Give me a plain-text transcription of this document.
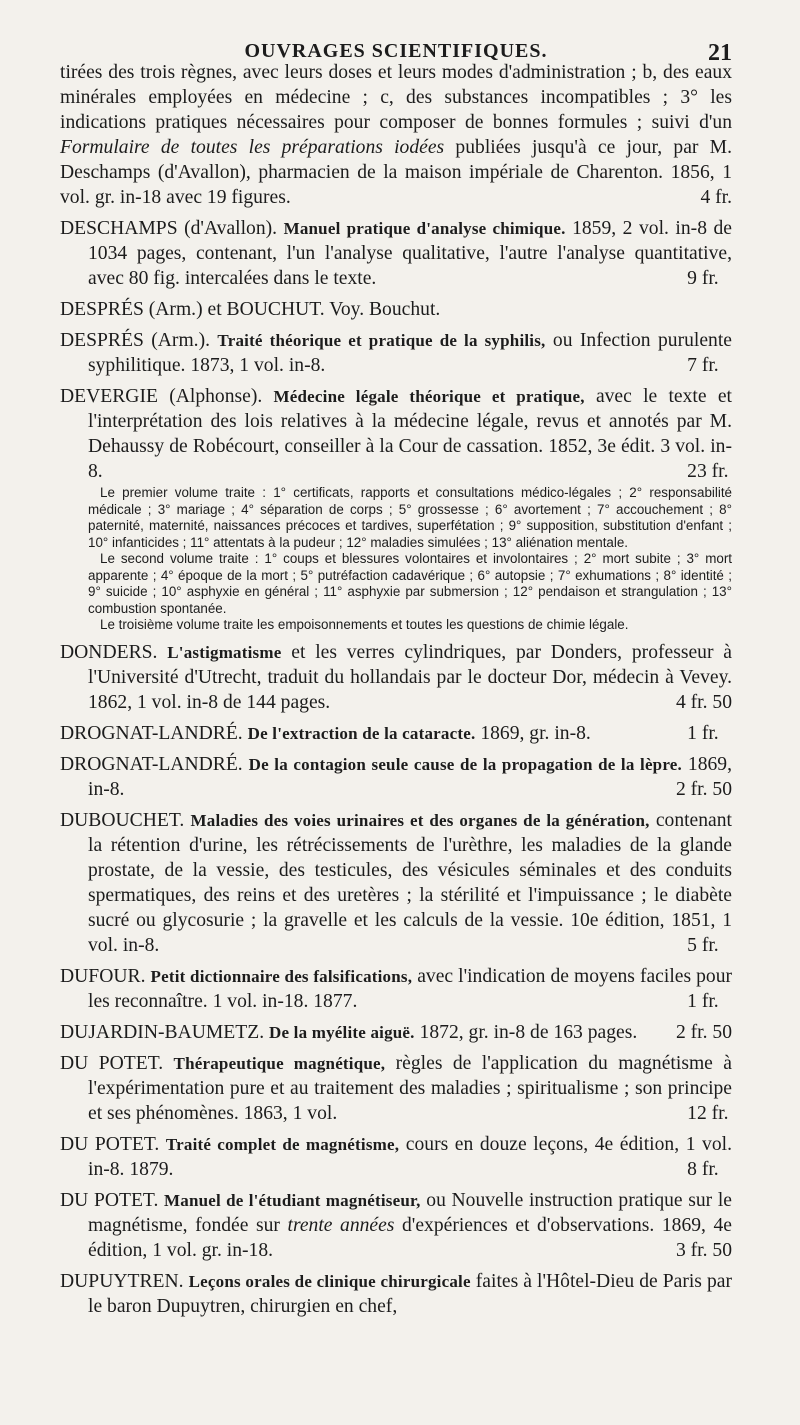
OUVRAGES SCIENTIFIQUES.	21

tirées des trois règnes, avec leurs doses et leurs modes d'administration ; b, des eaux minérales employées en médecine ; c, des substances incompatibles ; 3° les indications pratiques nécessaires pour composer de bonnes formules ; suivi d'un Formulaire de toutes les préparations iodées publiées jusqu'à ce jour, par M. Deschamps (d'Avallon), pharmacien de la maison impériale de Charenton. 1856, 1 vol. gr. in-18 avec 19 figures.	4 fr.

DESCHAMPS (d'Avallon). Manuel pratique d'analyse chimique. 1859, 2 vol. in-8 de 1034 pages, contenant, l'un l'analyse qualitative, l'autre l'analyse quantitative, avec 80 fig. intercalées dans le texte.	9 fr.

DESPRÉS (Arm.) et BOUCHUT. Voy. Bouchut.

DESPRÉS (Arm.). Traité théorique et pratique de la syphilis, ou Infection purulente syphilitique. 1873, 1 vol. in-8.	7 fr.

DEVERGIE (Alphonse). Médecine légale théorique et pratique, avec le texte et l'interprétation des lois relatives à la médecine légale, revus et annotés par M. Dehaussy de Robécourt, conseiller à la Cour de cassation. 1852, 3e édit. 3 vol. in-8.	23 fr.

Le premier volume traite : 1° certificats, rapports et consultations médico-légales ; 2° responsabilité médicale ; 3° mariage ; 4° séparation de corps ; 5° grossesse ; 6° avortement ; 7° accouchement ; 8° paternité, maternité, naissances précoces et tardives, superfétation ; 9° supposition, substitution d'enfant ; 10° infanticides ; 11° attentats à la pudeur ; 12° maladies simulées ; 13° aliénation mentale.

Le second volume traite : 1° coups et blessures volontaires et involontaires ; 2° mort subite ; 3° mort apparente ; 4° époque de la mort ; 5° putréfaction cadavérique ; 6° autopsie ; 7° exhumations ; 8° identité ; 9° suicide ; 10° asphyxie en général ; 11° asphyxie par submersion ; 12° pendaison et strangulation ; 13° combustion spontanée.

Le troisième volume traite les empoisonnements et toutes les questions de chimie légale.

DONDERS. L'astigmatisme et les verres cylindriques, par Donders, professeur à l'Université d'Utrecht, traduit du hollandais par le docteur Dor, médecin à Vevey. 1862, 1 vol. in-8 de 144 pages.	4 fr. 50

DROGNAT-LANDRÉ. De l'extraction de la cataracte. 1869, gr. in-8.	1 fr.

DROGNAT-LANDRÉ. De la contagion seule cause de la propagation de la lèpre. 1869, in-8.	2 fr. 50

DUBOUCHET. Maladies des voies urinaires et des organes de la génération, contenant la rétention d'urine, les rétrécissements de l'urèthre, les maladies de la glande prostate, de la vessie, des testicules, des vésicules séminales et des conduits spermatiques, des reins et des uretères ; la stérilité et l'impuissance ; le diabète sucré ou glycosurie ; la gravelle et les calculs de la vessie. 10e édition, 1851, 1 vol. in-8.	5 fr.

DUFOUR. Petit dictionnaire des falsifications, avec l'indication de moyens faciles pour les reconnaître. 1 vol. in-18. 1877.	1 fr.

DUJARDIN-BAUMETZ. De la myélite aiguë. 1872, gr. in-8 de 163 pages. 2 fr. 50

DU POTET. Thérapeutique magnétique, règles de l'application du magnétisme à l'expérimentation pure et au traitement des maladies ; spiritualisme ; son principe et ses phénomènes. 1863, 1 vol.	12 fr.

DU POTET. Traité complet de magnétisme, cours en douze leçons, 4e édition, 1 vol. in-8. 1879.	8 fr.

DU POTET. Manuel de l'étudiant magnétiseur, ou Nouvelle instruction pratique sur le magnétisme, fondée sur trente années d'expériences et d'observations. 1869, 4e édition, 1 vol. gr. in-18.	3 fr. 50

DUPUYTREN. Leçons orales de clinique chirurgicale faites à l'Hôtel-Dieu de Paris par le baron Dupuytren, chirurgien en chef,
